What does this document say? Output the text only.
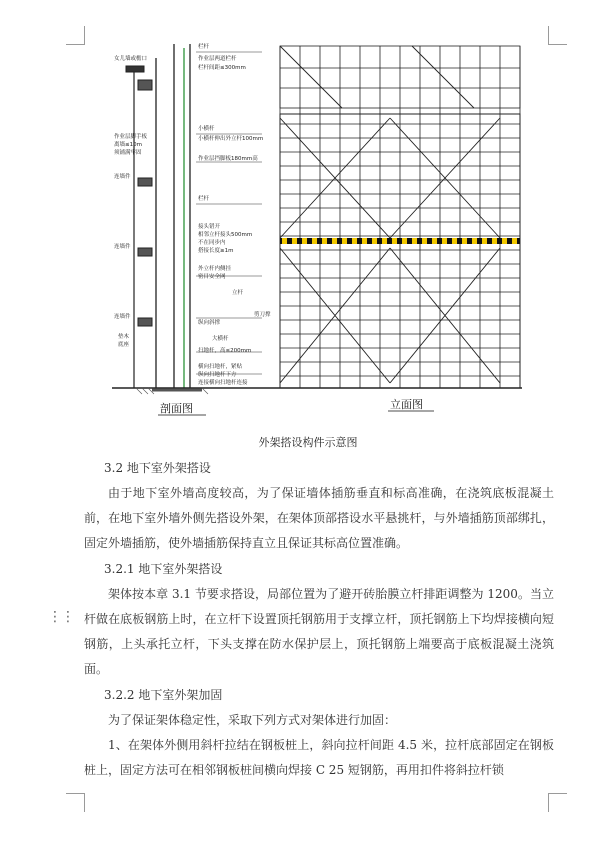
女儿墙或檐口
作业层脚手板
离墙≤10m
须铺满牢固
连墙件
连墙件
连墙件
垫木
底座
栏杆
作业层两道栏杆
栏杆间距≤300mm
小横杆
小横杆伸出外立杆100mm
作业层挡脚板180mm高
栏杆
接头错开
相邻立杆接头500mm
不在同步内
搭接长度≥1m
外立杆内侧挂
密目安全网
立杆
剪刀撑
纵向斜撑
大横杆
扫地杆，高≤200mm
横向扫地杆，紧贴
纵向扫地杆下方
连接横向扫地杆连接
剖面图	立面图
外架搭设构件示意图
3.2 地下室外架搭设
由于地下室外墙高度较高，为了保证墙体插筋垂直和标高准确，在浇筑底板混凝土前，在地下室外墙外侧先搭设外架，在架体顶部搭设水平悬挑杆，与外墙插筋顶部绑扎，固定外墙插筋，使外墙插筋保持直立且保证其标高位置准确。
3.2.1 地下室外架搭设
架体按本章 3.1 节要求搭设，局部位置为了避开砖胎膜立杆排距调整为 1200。当立杆做在底板钢筋上时，在立杆下设置顶托钢筋用于支撑立杆，顶托钢筋上下均焊接横向短钢筋，上头承托立杆，下头支撑在防水保护层上，顶托钢筋上端要高于底板混凝土浇筑面。
3.2.2 地下室外架加固
为了保证架体稳定性，采取下列方式对架体进行加固：
1、在架体外侧用斜杆拉结在钢板桩上，斜向拉杆间距 4.5 米，拉杆底部固定在钢板桩上，固定方法可在相邻钢板桩间横向焊接 C 25 短钢筋，再用扣件将斜拉杆锁
⋮⋮
